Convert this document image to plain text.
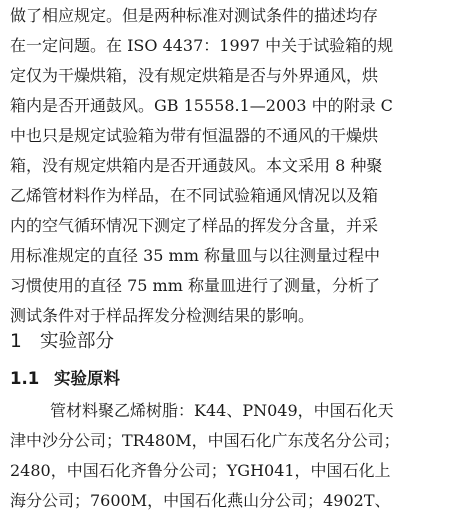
做了相应规定。但是两种标准对测试条件的描述均存
在一定问题。在 ISO 4437：1997 中关于试验箱的规
定仅为干燥烘箱，没有规定烘箱是否与外界通风，烘
箱内是否开通鼓风。GB 15558.1—2003 中的附录 C
中也只是规定试验箱为带有恒温器的不通风的干燥烘
箱，没有规定烘箱内是否开通鼓风。本文采用 8 种聚
乙烯管材料作为样品，在不同试验箱通风情况以及箱
内的空气循环情况下测定了样品的挥发分含量，并采
用标准规定的直径 35 mm 称量皿与以往测量过程中
习惯使用的直径 75 mm 称量皿进行了测量，分析了
测试条件对于样品挥发分检测结果的影响。
1 实验部分
1.1 实验原料
管材料聚乙烯树脂：K44、PN049，中国石化天
津中沙分公司；TR480M，中国石化广东茂名分公司；
2480，中国石化齐鲁分公司；YGH041，中国石化上
海分公司；7600M，中国石化燕山分公司；4902T、
